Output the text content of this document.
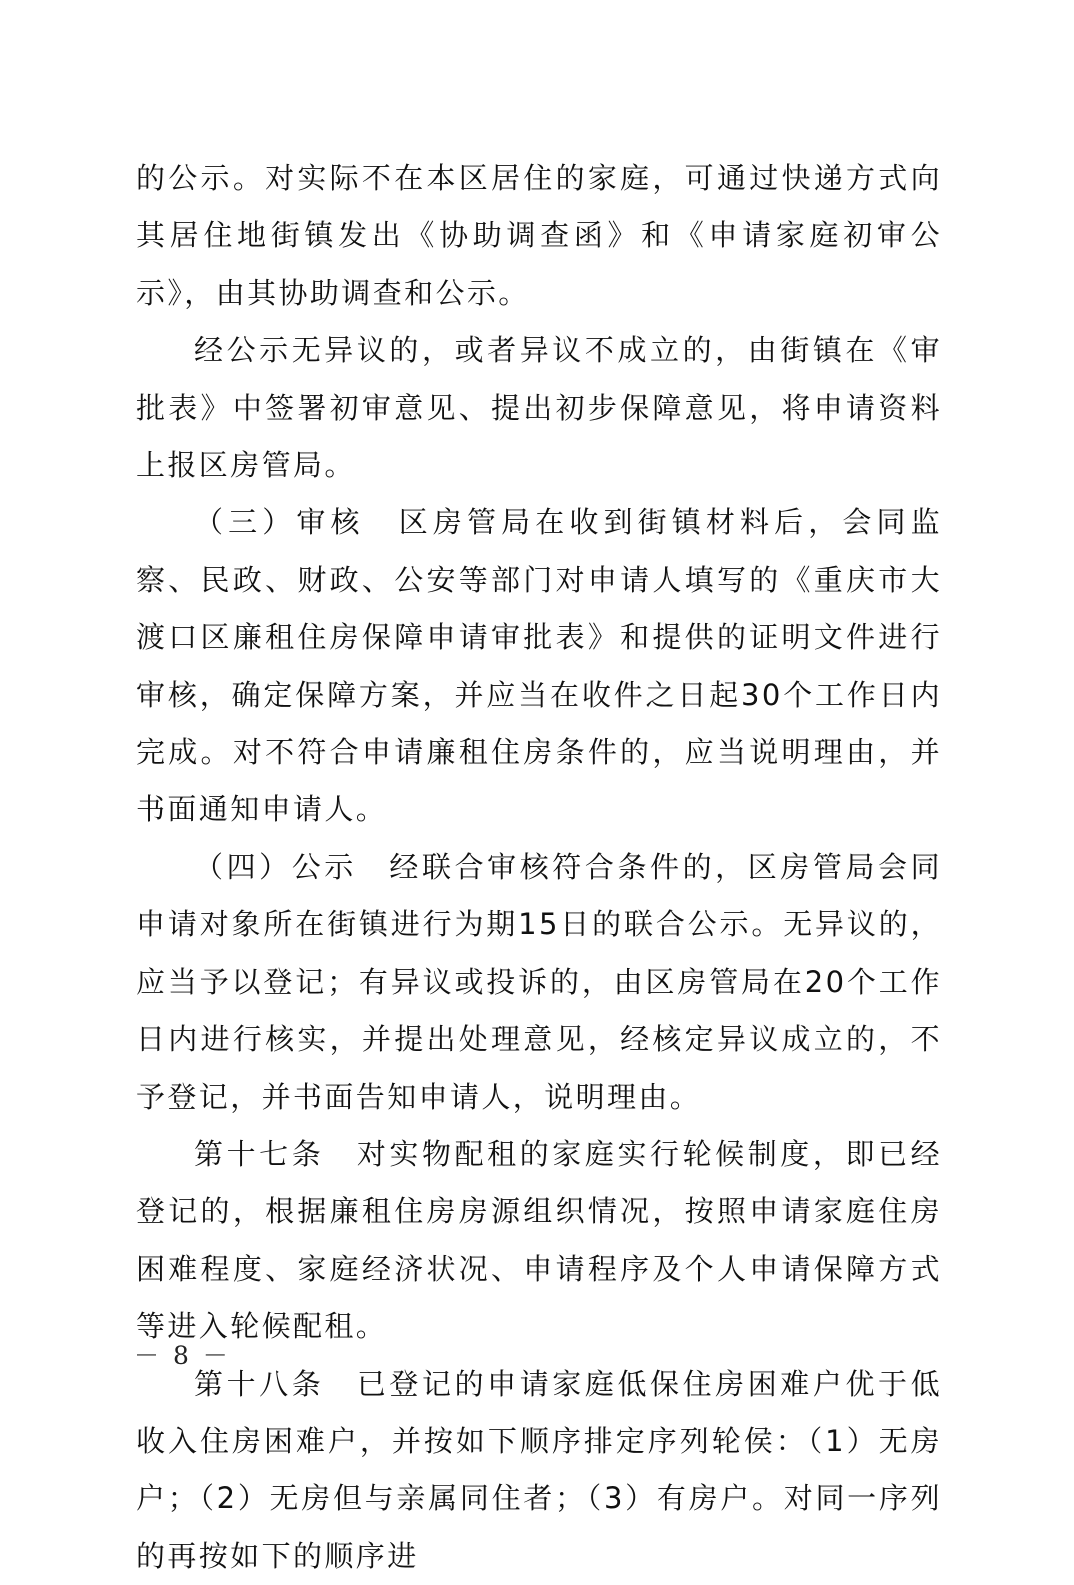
的公示。对实际不在本区居住的家庭，可通过快递方式向其居住地街镇发出《协助调查函》和《申请家庭初审公示》，由其协助调查和公示。

经公示无异议的，或者异议不成立的，由街镇在《审批表》中签署初审意见、提出初步保障意见，将申请资料上报区房管局。

（三）审核　区房管局在收到街镇材料后，会同监察、民政、财政、公安等部门对申请人填写的《重庆市大渡口区廉租住房保障申请审批表》和提供的证明文件进行审核，确定保障方案，并应当在收件之日起30个工作日内完成。对不符合申请廉租住房条件的，应当说明理由，并书面通知申请人。

（四）公示　经联合审核符合条件的，区房管局会同申请对象所在街镇进行为期15日的联合公示。无异议的，应当予以登记；有异议或投诉的，由区房管局在20个工作日内进行核实，并提出处理意见，经核定异议成立的，不予登记，并书面告知申请人，说明理由。

第十七条　对实物配租的家庭实行轮候制度，即已经登记的，根据廉租住房房源组织情况，按照申请家庭住房困难程度、家庭经济状况、申请程序及个人申请保障方式等进入轮候配租。

第十八条　已登记的申请家庭低保住房困难户优于低收入住房困难户，并按如下顺序排定序列轮侯：（1）无房户；（2）无房但与亲属同住者；（3）有房户。对同一序列的再按如下的顺序进

－ 8 －
